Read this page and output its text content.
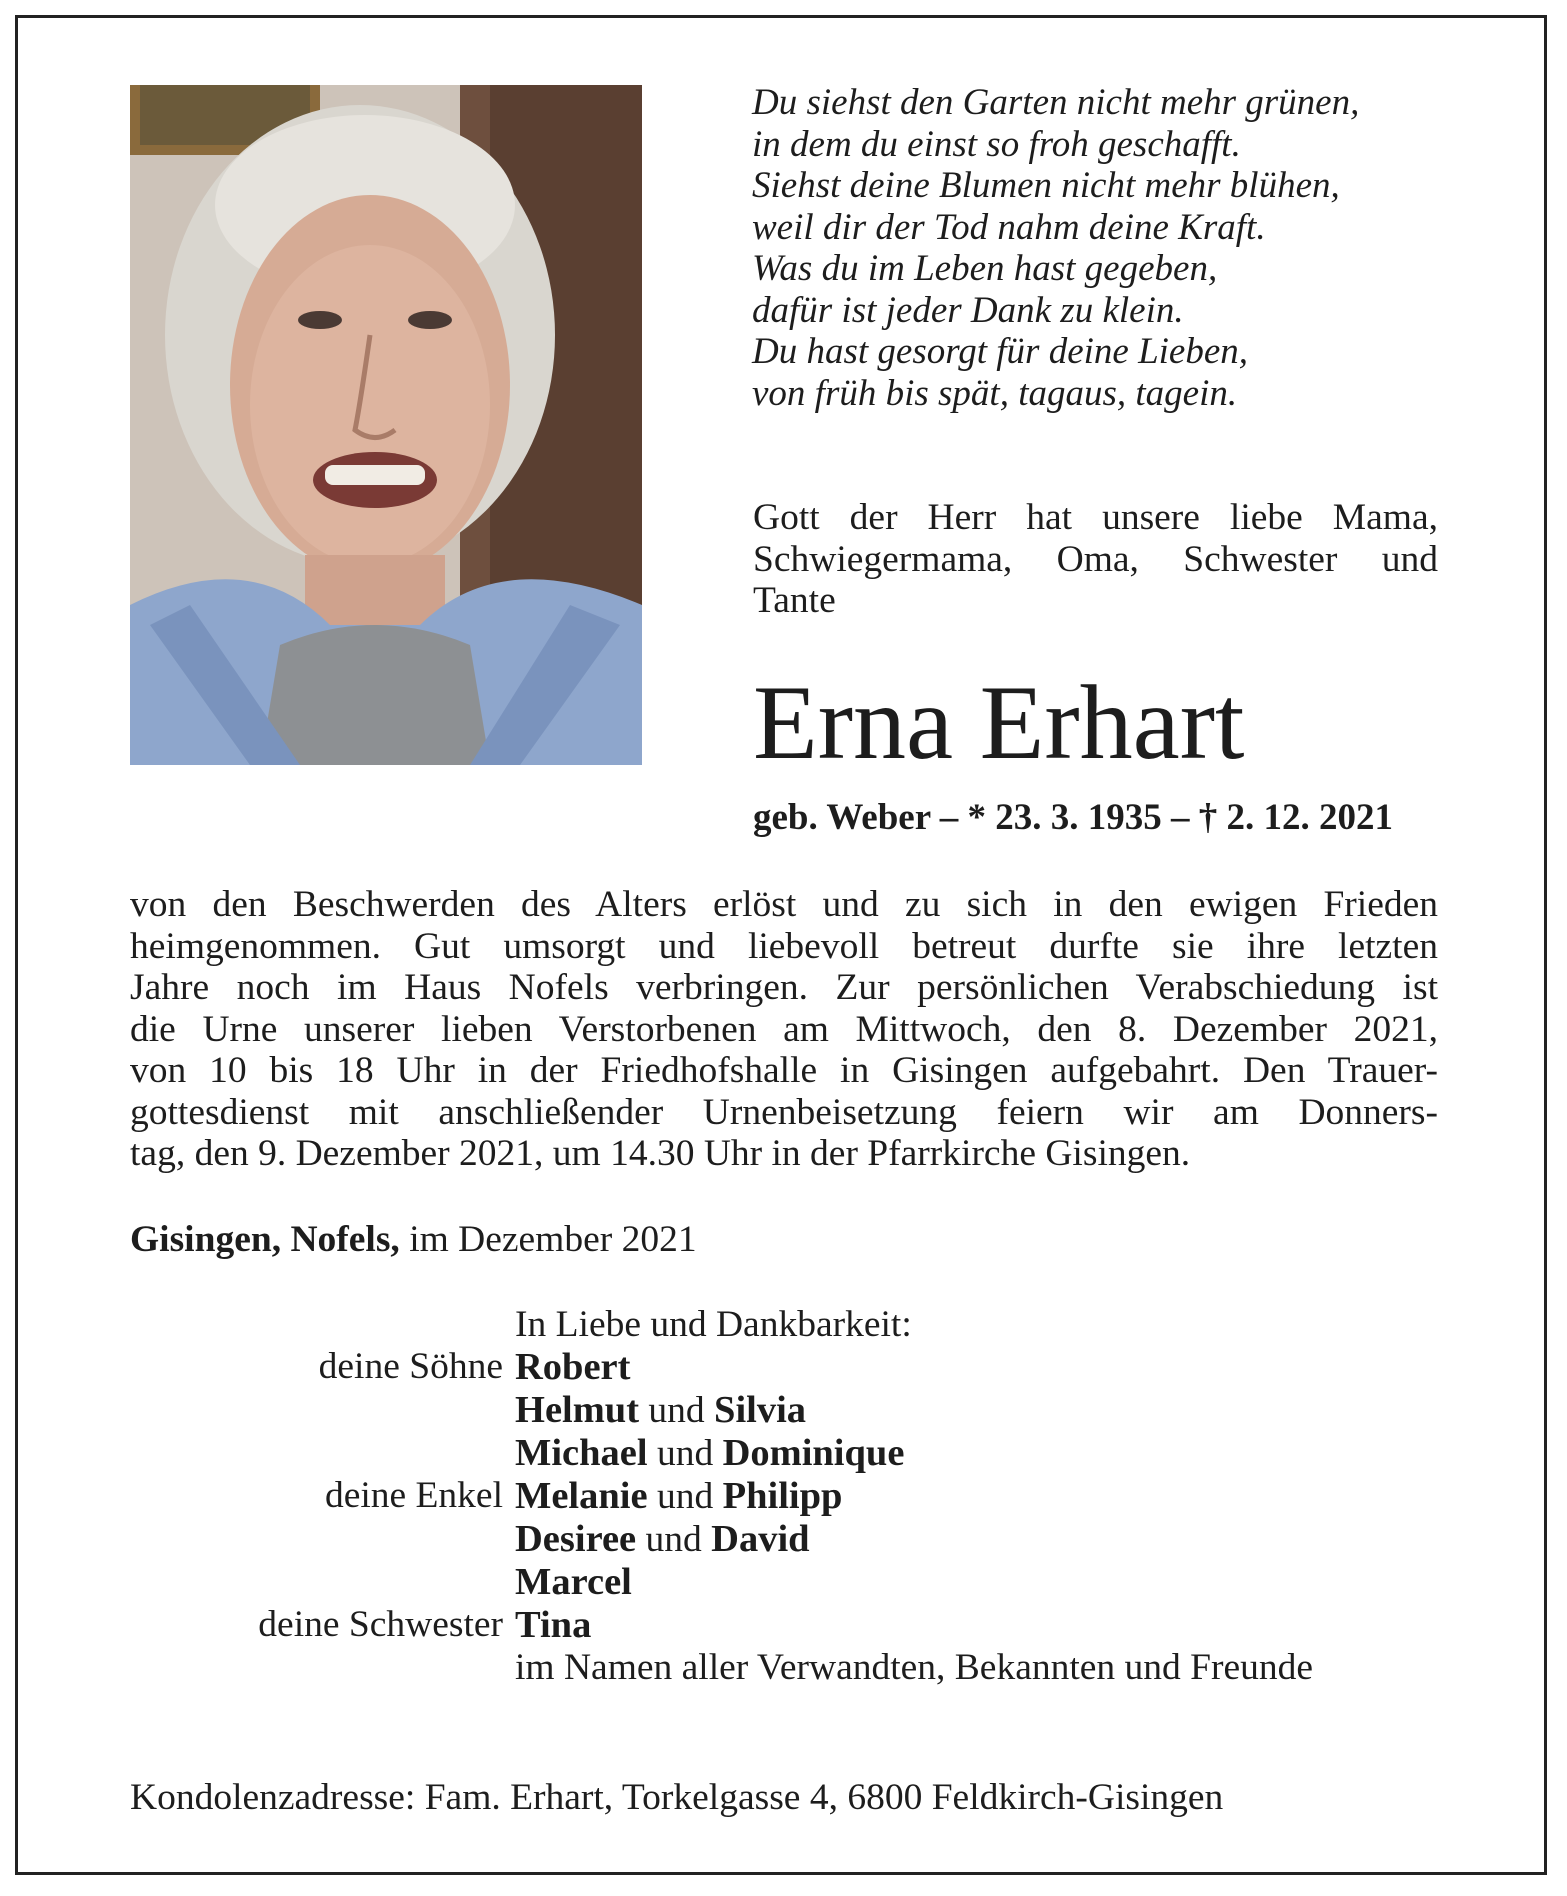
Du siehst den Garten nicht mehr grünen,
in dem du einst so froh geschafft.
Siehst deine Blumen nicht mehr blühen,
weil dir der Tod nahm deine Kraft.
Was du im Leben hast gegeben,
dafür ist jeder Dank zu klein.
Du hast gesorgt für deine Lieben,
von früh bis spät, tagaus, tagein.
Gott der Herr hat unsere liebe Mama,
Schwiegermama, Oma, Schwester und
Tante
Erna Erhart
geb. Weber – * 23. 3. 1935 – † 2. 12. 2021
von den Beschwerden des Alters erlöst und zu sich in den ewigen Frieden
heimgenommen. Gut umsorgt und liebevoll betreut durfte sie ihre letzten
Jahre noch im Haus Nofels verbringen. Zur persönlichen Verabschiedung ist
die Urne unserer lieben Verstorbenen am Mittwoch, den 8. Dezember 2021,
von 10 bis 18 Uhr in der Friedhofshalle in Gisingen aufgebahrt. Den Trauer-
gottesdienst mit anschließender Urnenbeisetzung feiern wir am Donners-
tag, den 9. Dezember 2021, um 14.30 Uhr in der Pfarrkirche Gisingen.
Gisingen, Nofels, im Dezember 2021
In Liebe und Dankbarkeit:
deine Söhne Robert
Helmut und Silvia
Michael und Dominique
deine Enkel Melanie und Philipp
Desiree und David
Marcel
deine Schwester Tina
im Namen aller Verwandten, Bekannten und Freunde
Kondolenzadresse: Fam. Erhart, Torkelgasse 4, 6800 Feldkirch-Gisingen
